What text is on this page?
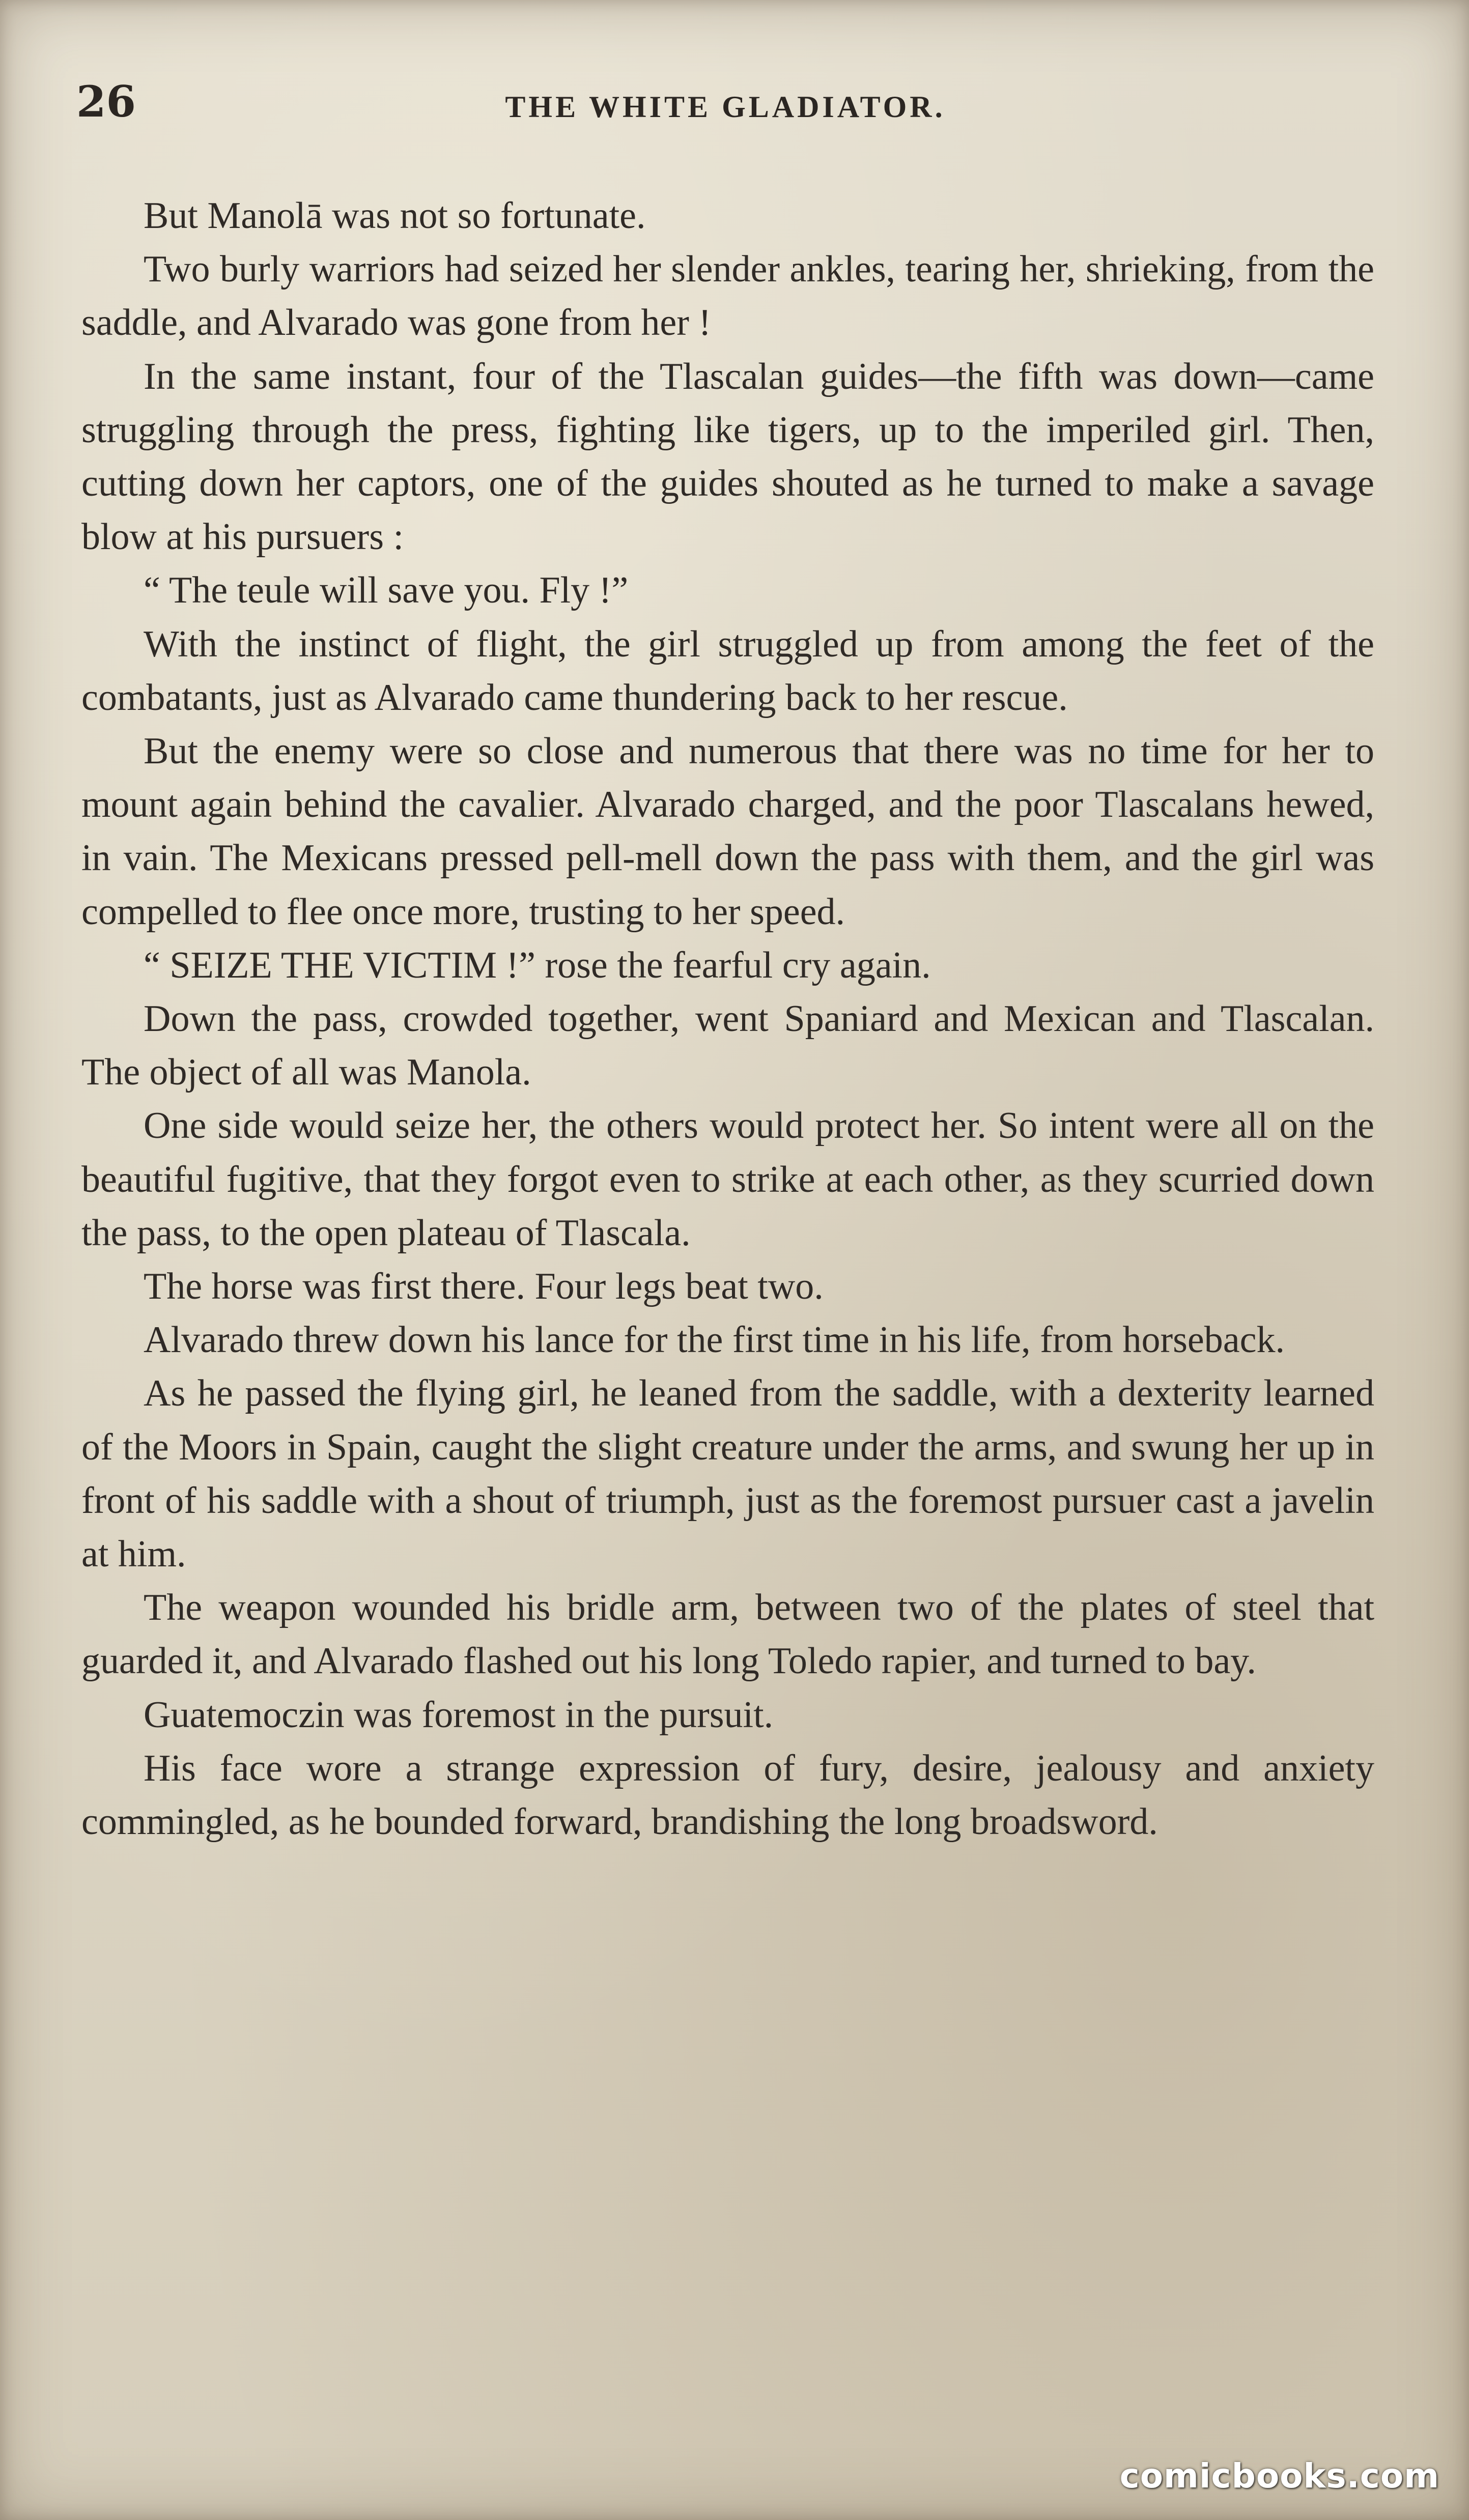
26	THE WHITE GLADIATOR.

But Manolā was not so fortunate.

Two burly warriors had seized her slender ankles, tearing her, shrieking, from the saddle, and Alvarado was gone from her !

In the same instant, four of the Tlascalan guides—the fifth was down—came struggling through the press, fighting like tigers, up to the imperiled girl. Then, cutting down her captors, one of the guides shouted as he turned to make a savage blow at his pursuers :

“ The teule will save you. Fly !”

With the instinct of flight, the girl struggled up from among the feet of the combatants, just as Alvarado came thundering back to her rescue.

But the enemy were so close and numerous that there was no time for her to mount again behind the cavalier. Alvarado charged, and the poor Tlascalans hewed, in vain. The Mexicans pressed pell-mell down the pass with them, and the girl was compelled to flee once more, trusting to her speed.

“ SEIZE THE VICTIM !” rose the fearful cry again.

Down the pass, crowded together, went Spaniard and Mexican and Tlascalan. The object of all was Manola.

One side would seize her, the others would protect her. So intent were all on the beautiful fugitive, that they forgot even to strike at each other, as they scurried down the pass, to the open plateau of Tlascala.

The horse was first there. Four legs beat two.

Alvarado threw down his lance for the first time in his life, from horseback.

As he passed the flying girl, he leaned from the saddle, with a dexterity learned of the Moors in Spain, caught the slight creature under the arms, and swung her up in front of his saddle with a shout of triumph, just as the foremost pursuer cast a javelin at him.

The weapon wounded his bridle arm, between two of the plates of steel that guarded it, and Alvarado flashed out his long Toledo rapier, and turned to bay.

Guatemoczin was foremost in the pursuit.

His face wore a strange expression of fury, desire, jealousy and anxiety commingled, as he bounded forward, brandishing the long broadsword.

comicbooks.com
